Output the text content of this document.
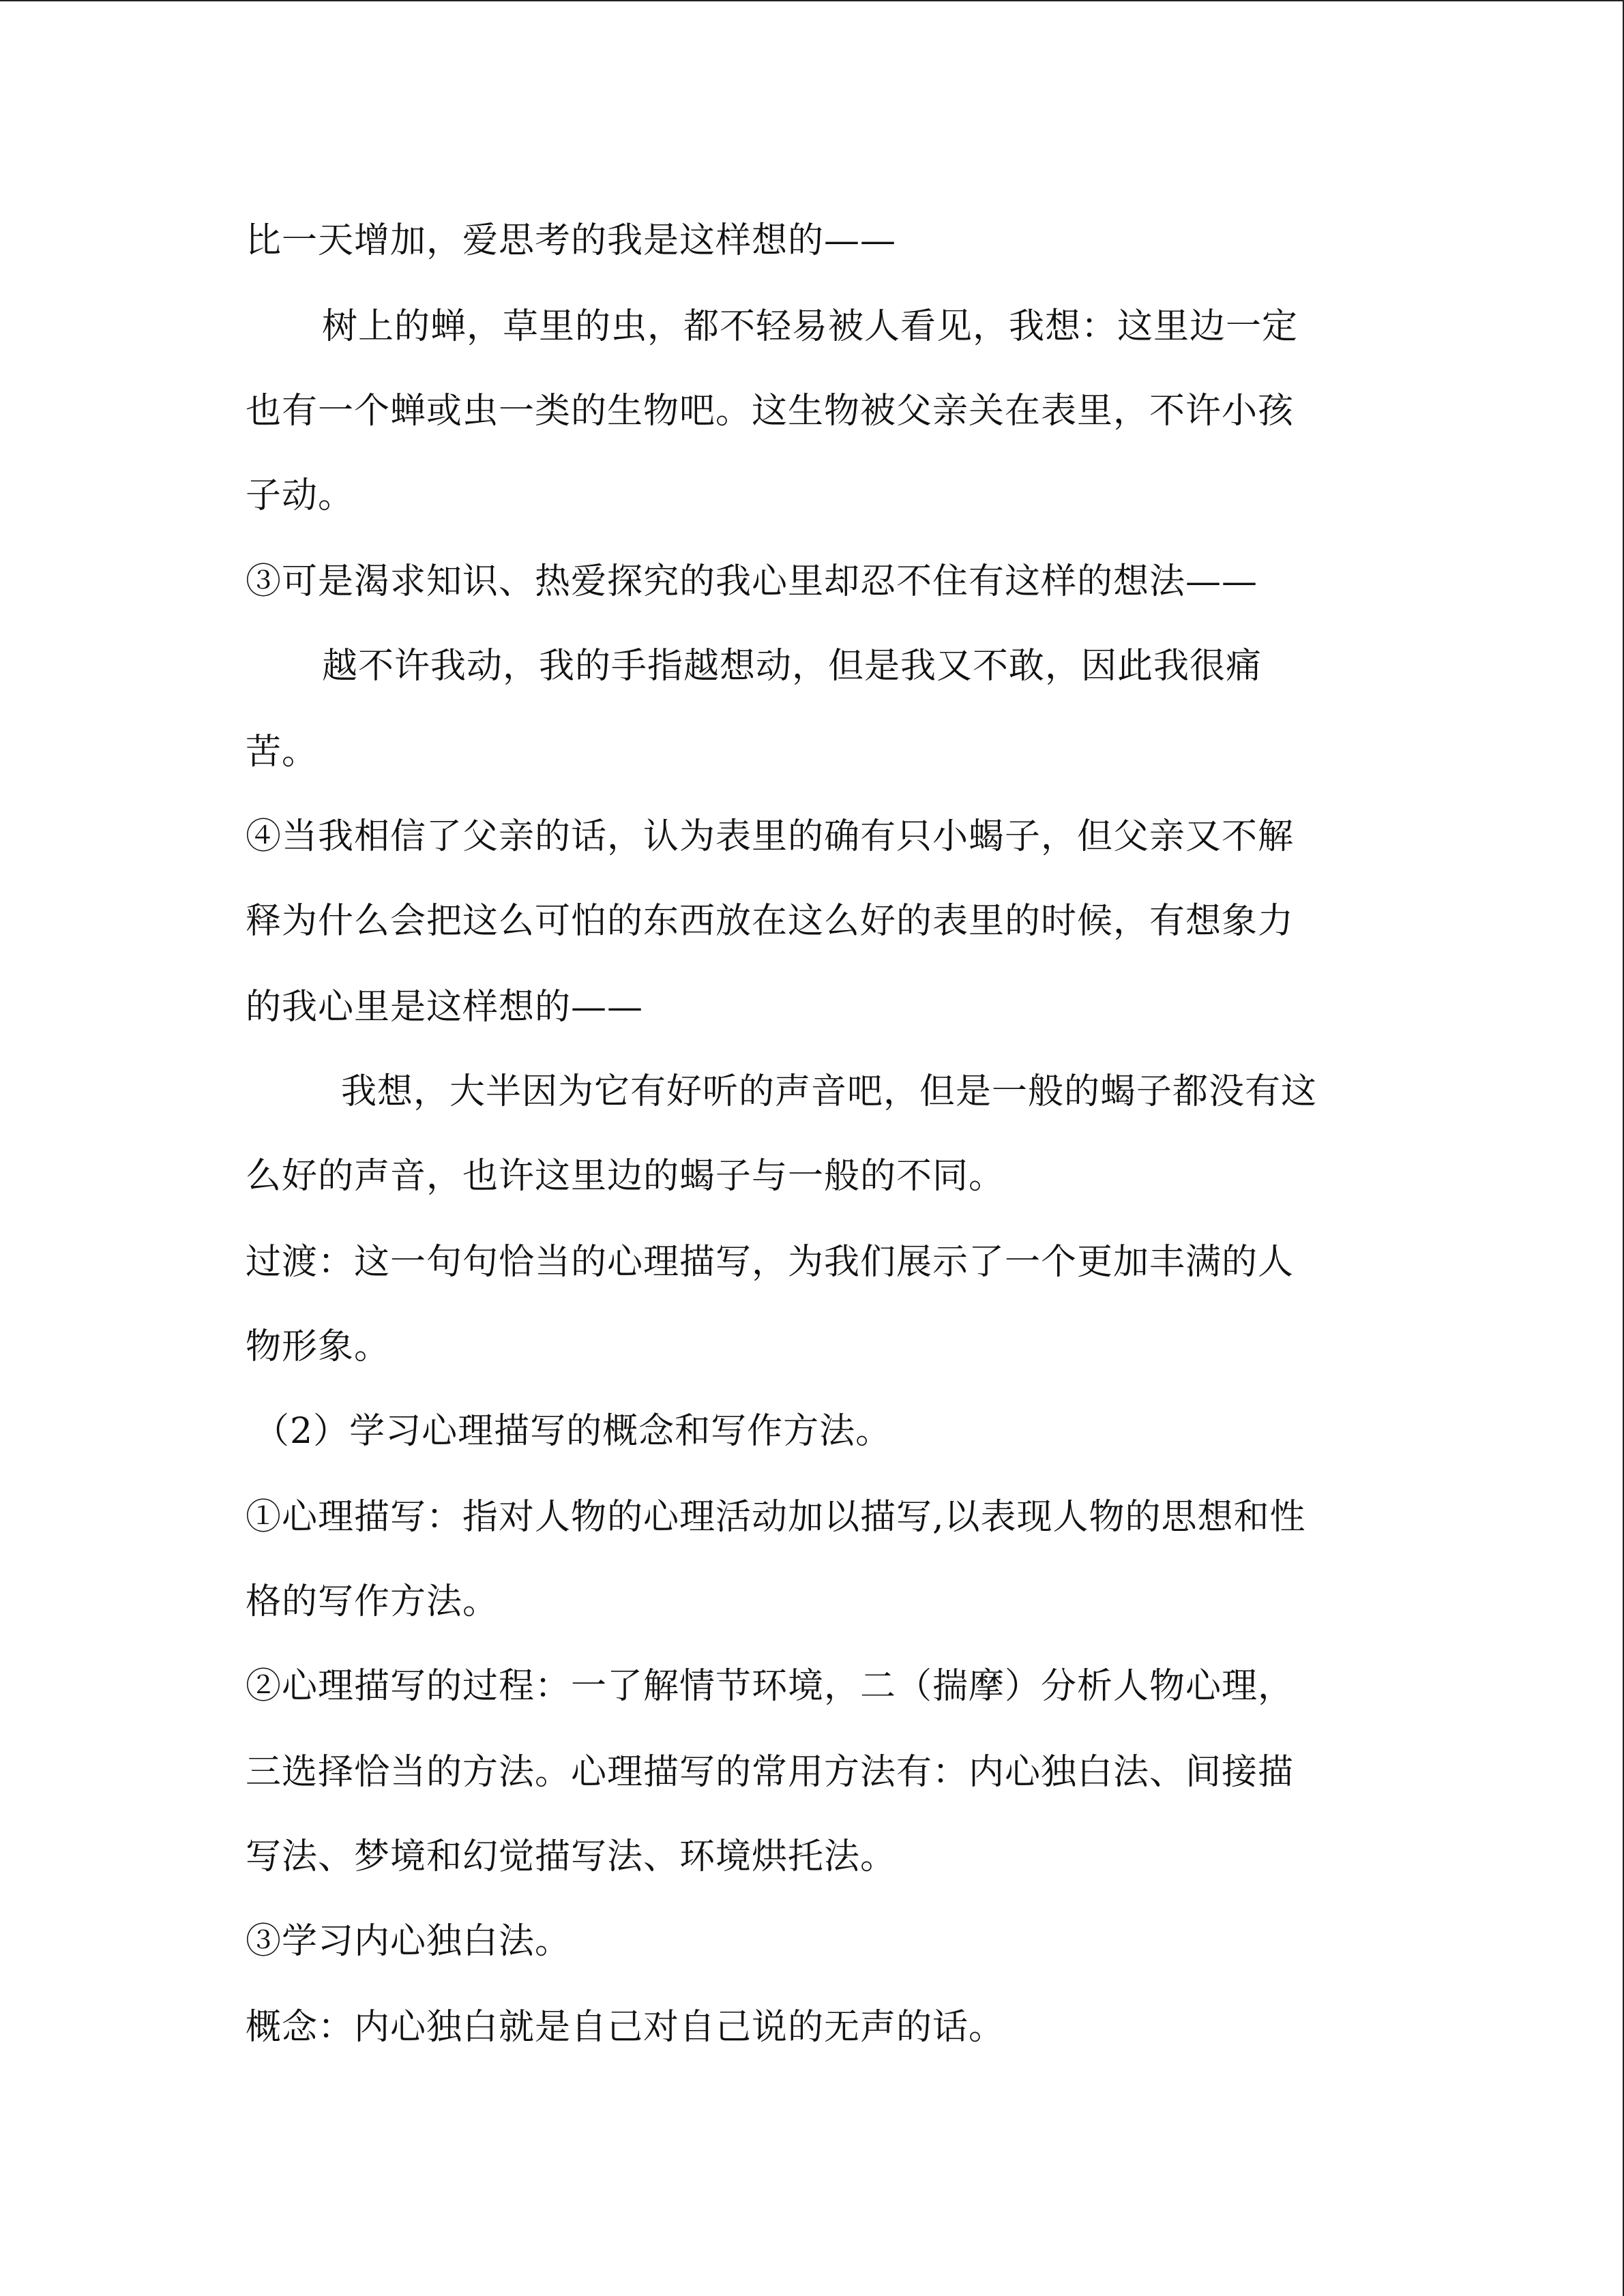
比一天增加，爱思考的我是这样想的——
树上的蝉，草里的虫，都不轻易被人看见，我想：这里边一定
也有一个蝉或虫一类的生物吧。这生物被父亲关在表里，不许小孩
子动。
③可是渴求知识、热爱探究的我心里却忍不住有这样的想法——
越不许我动，我的手指越想动，但是我又不敢，因此我很痛
苦。
④当我相信了父亲的话，认为表里的确有只小蝎子，但父亲又不解
释为什么会把这么可怕的东西放在这么好的表里的时候，有想象力
的我心里是这样想的——
我想，大半因为它有好听的声音吧，但是一般的蝎子都没有这
么好的声音，也许这里边的蝎子与一般的不同。
过渡：这一句句恰当的心理描写，为我们展示了一个更加丰满的人
物形象。
（2）学习心理描写的概念和写作方法。
①心理描写：指对人物的心理活动加以描写,以表现人物的思想和性
格的写作方法。
②心理描写的过程：一了解情节环境，二（揣摩）分析人物心理，
三选择恰当的方法。心理描写的常用方法有：内心独白法、间接描
写法、梦境和幻觉描写法、环境烘托法。
③学习内心独白法。
概念：内心独白就是自己对自己说的无声的话。
